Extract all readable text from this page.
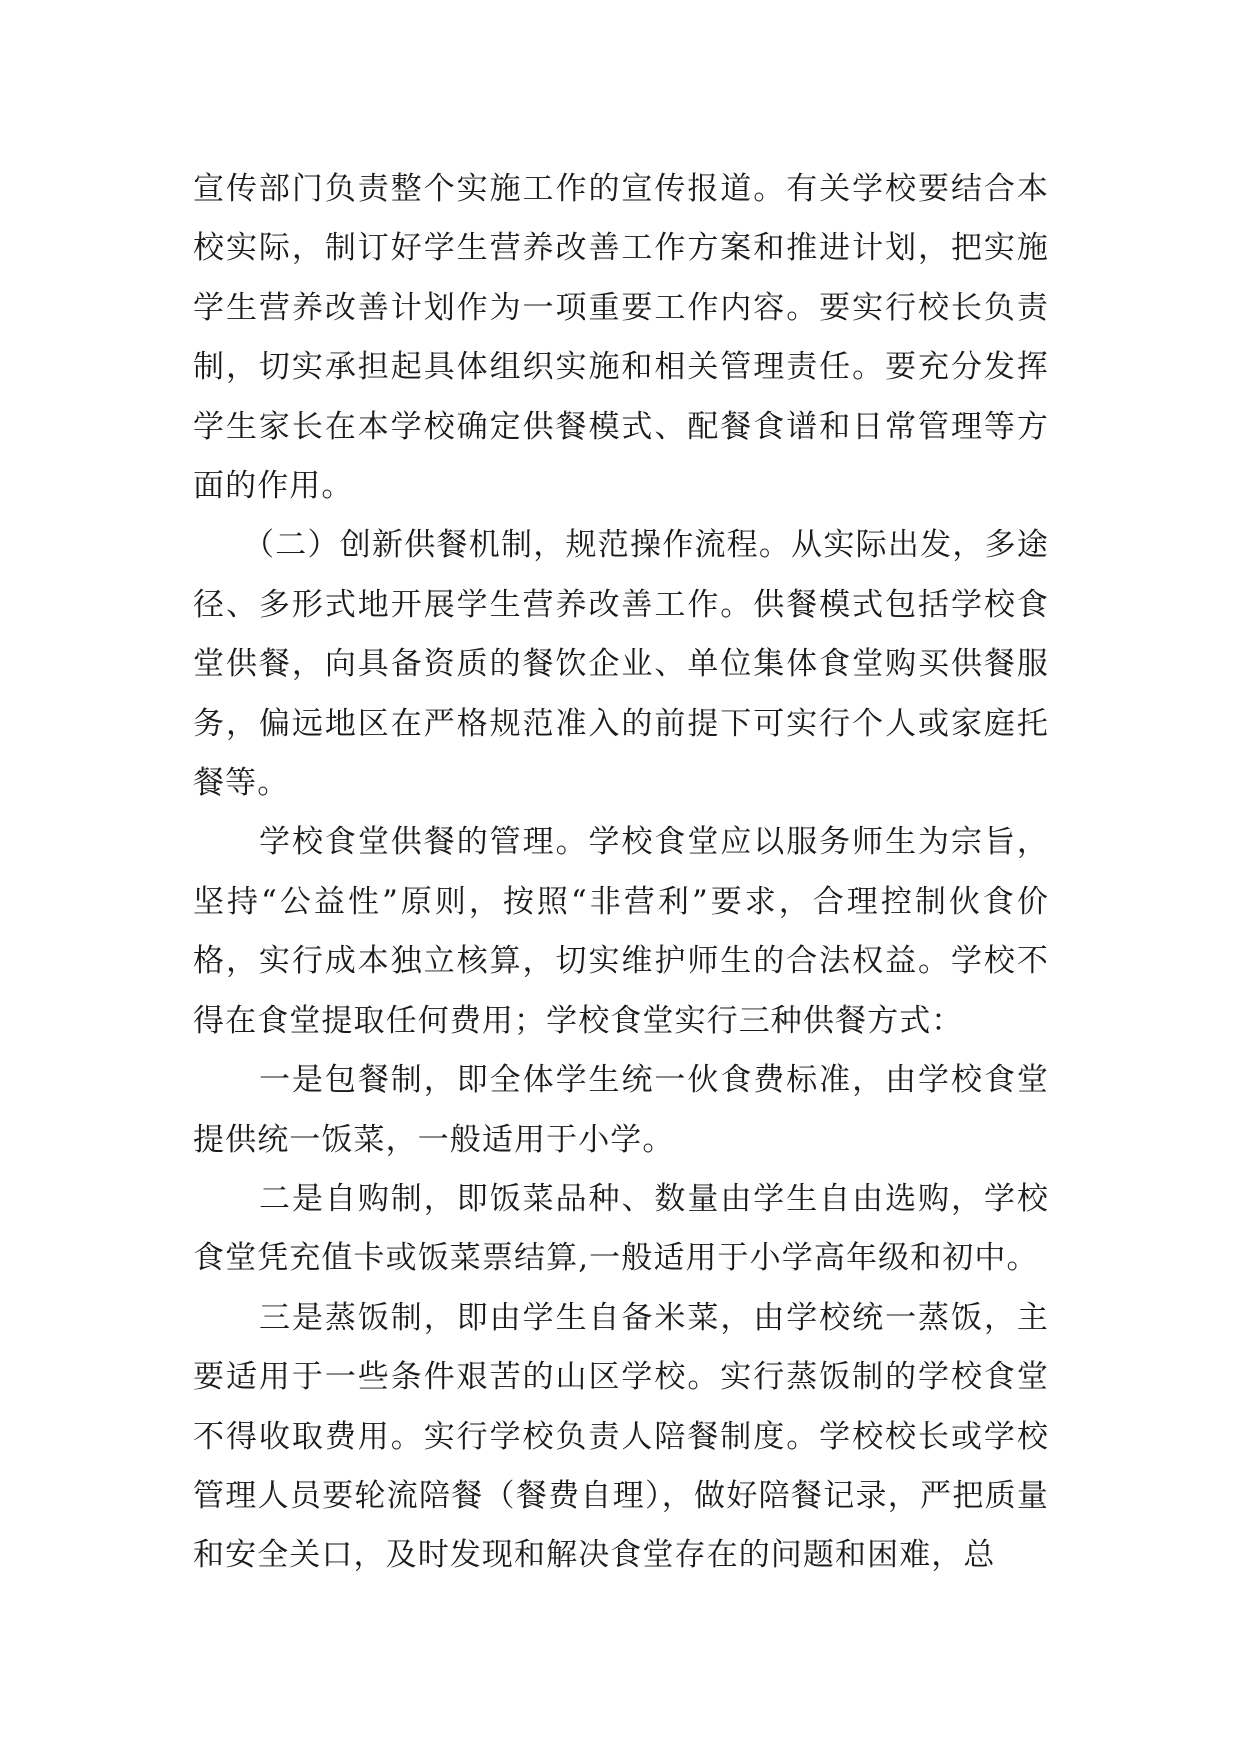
宣传部门负责整个实施工作的宣传报道。有关学校要结合本校实际，制订好学生营养改善工作方案和推进计划，把实施学生营养改善计划作为一项重要工作内容。要实行校长负责制，切实承担起具体组织实施和相关管理责任。要充分发挥学生家长在本学校确定供餐模式、配餐食谱和日常管理等方面的作用。

（二）创新供餐机制，规范操作流程。从实际出发，多途径、多形式地开展学生营养改善工作。供餐模式包括学校食堂供餐，向具备资质的餐饮企业、单位集体食堂购买供餐服务，偏远地区在严格规范准入的前提下可实行个人或家庭托餐等。

学校食堂供餐的管理。学校食堂应以服务师生为宗旨，坚持“公益性”原则，按照“非营利”要求，合理控制伙食价格，实行成本独立核算，切实维护师生的合法权益。学校不得在食堂提取任何费用；学校食堂实行三种供餐方式：

一是包餐制，即全体学生统一伙食费标准，由学校食堂提供统一饭菜，一般适用于小学。

二是自购制，即饭菜品种、数量由学生自由选购，学校食堂凭充值卡或饭菜票结算,一般适用于小学高年级和初中。

三是蒸饭制，即由学生自备米菜，由学校统一蒸饭，主要适用于一些条件艰苦的山区学校。实行蒸饭制的学校食堂不得收取费用。实行学校负责人陪餐制度。学校校长或学校管理人员要轮流陪餐（餐费自理），做好陪餐记录，严把质量和安全关口，及时发现和解决食堂存在的问题和困难，总
